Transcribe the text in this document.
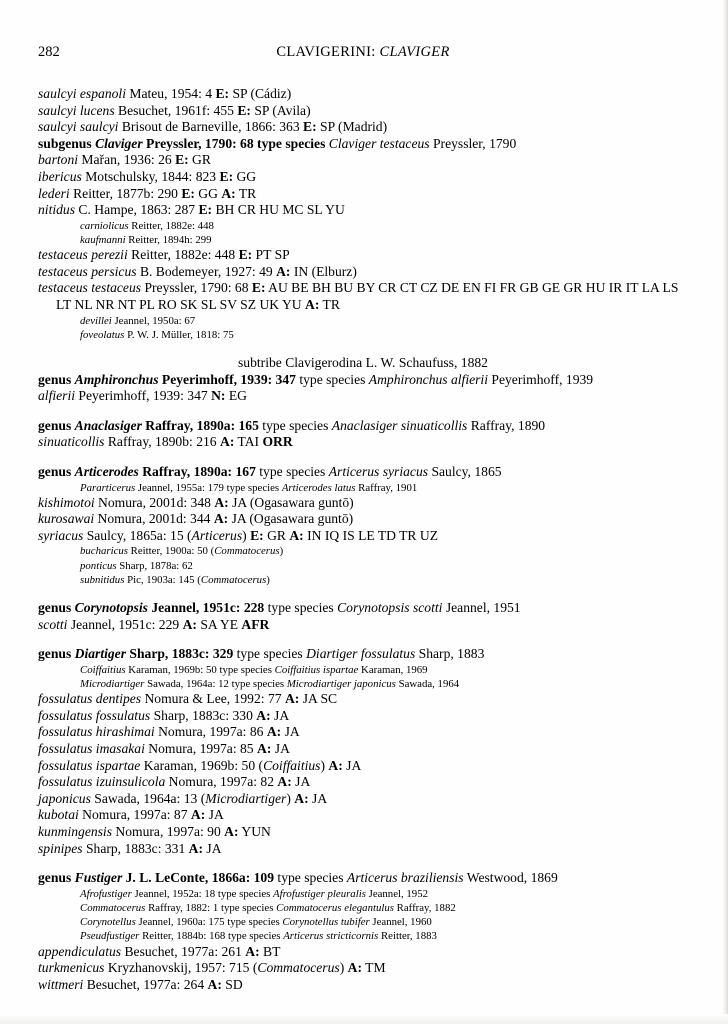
282	CLAVIGERINI: CLAVIGER
saulcyi espanoli Mateu, 1954: 4 E: SP (Cádiz)
saulcyi lucens Besuchet, 1961f: 455 E: SP (Avila)
saulcyi saulcyi Brisout de Barneville, 1866: 363 E: SP (Madrid)
subgenus Claviger Preyssler, 1790: 68 type species Claviger testaceus Preyssler, 1790
bartoni Mařan, 1936: 26 E: GR
ibericus Motschulsky, 1844: 823 E: GG
lederi Reitter, 1877b: 290 E: GG A: TR
nitidus C. Hampe, 1863: 287 E: BH CR HU MC SL YU
carniolicus Reitter, 1882e: 448
kaufmanni Reitter, 1894h: 299
testaceus perezii Reitter, 1882e: 448 E: PT SP
testaceus persicus B. Bodemeyer, 1927: 49 A: IN (Elburz)
testaceus testaceus Preyssler, 1790: 68 E: AU BE BH BU BY CR CT CZ DE EN FI FR GB GE GR HU IR IT LA LS LT NL NR NT PL RO SK SL SV SZ UK YU A: TR
devillei Jeannel, 1950a: 67
foveolatus P. W. J. Müller, 1818: 75
subtribe Clavigerodina L. W. Schaufuss, 1882
genus Amphironchus Peyerimhoff, 1939: 347 type species Amphironchus alfierii Peyerimhoff, 1939
alfierii Peyerimhoff, 1939: 347 N: EG
genus Anaclasiger Raffray, 1890a: 165 type species Anaclasiger sinuaticollis Raffray, 1890
sinuaticollis Raffray, 1890b: 216 A: TAI ORR
genus Articerodes Raffray, 1890a: 167 type species Articerus syriacus Saulcy, 1865
Pararticerus Jeannel, 1955a: 179 type species Articerodes latus Raffray, 1901
kishimotoi Nomura, 2001d: 348 A: JA (Ogasawara guntō)
kurosawai Nomura, 2001d: 344 A: JA (Ogasawara guntō)
syriacus Saulcy, 1865a: 15 (Articerus) E: GR A: IN IQ IS LE TD TR UZ
bucharicus Reitter, 1900a: 50 (Commatocerus)
ponticus Sharp, 1878a: 62
subnitidus Pic, 1903a: 145 (Commatocerus)
genus Corynotopsis Jeannel, 1951c: 228 type species Corynotopsis scotti Jeannel, 1951
scotti Jeannel, 1951c: 229 A: SA YE AFR
genus Diartiger Sharp, 1883c: 329 type species Diartiger fossulatus Sharp, 1883
Coiffaitius Karaman, 1969b: 50 type species Coiffaitius ispartae Karaman, 1969
Microdiartiger Sawada, 1964a: 12 type species Microdiartiger japonicus Sawada, 1964
fossulatus dentipes Nomura & Lee, 1992: 77 A: JA SC
fossulatus fossulatus Sharp, 1883c: 330 A: JA
fossulatus hirashimai Nomura, 1997a: 86 A: JA
fossulatus imasakai Nomura, 1997a: 85 A: JA
fossulatus ispartae Karaman, 1969b: 50 (Coiffaitius) A: JA
fossulatus izuinsulicola Nomura, 1997a: 82 A: JA
japonicus Sawada, 1964a: 13 (Microdiartiger) A: JA
kubotai Nomura, 1997a: 87 A: JA
kunmingensis Nomura, 1997a: 90 A: YUN
spinipes Sharp, 1883c: 331 A: JA
genus Fustiger J. L. LeConte, 1866a: 109 type species Articerus braziliensis Westwood, 1869
Afrofustiger Jeannel, 1952a: 18 type species Afrofustiger pleuralis Jeannel, 1952
Commatocerus Raffray, 1882: 1 type species Commatocerus elegantulus Raffray, 1882
Corynotellus Jeannel, 1960a: 175 type species Corynotellus tubifer Jeannel, 1960
Pseudfustiger Reitter, 1884b: 168 type species Articerus stricticornis Reitter, 1883
appendiculatus Besuchet, 1977a: 261 A: BT
turkmenicus Kryzhanovskij, 1957: 715 (Commatocerus) A: TM
wittmeri Besuchet, 1977a: 264 A: SD
